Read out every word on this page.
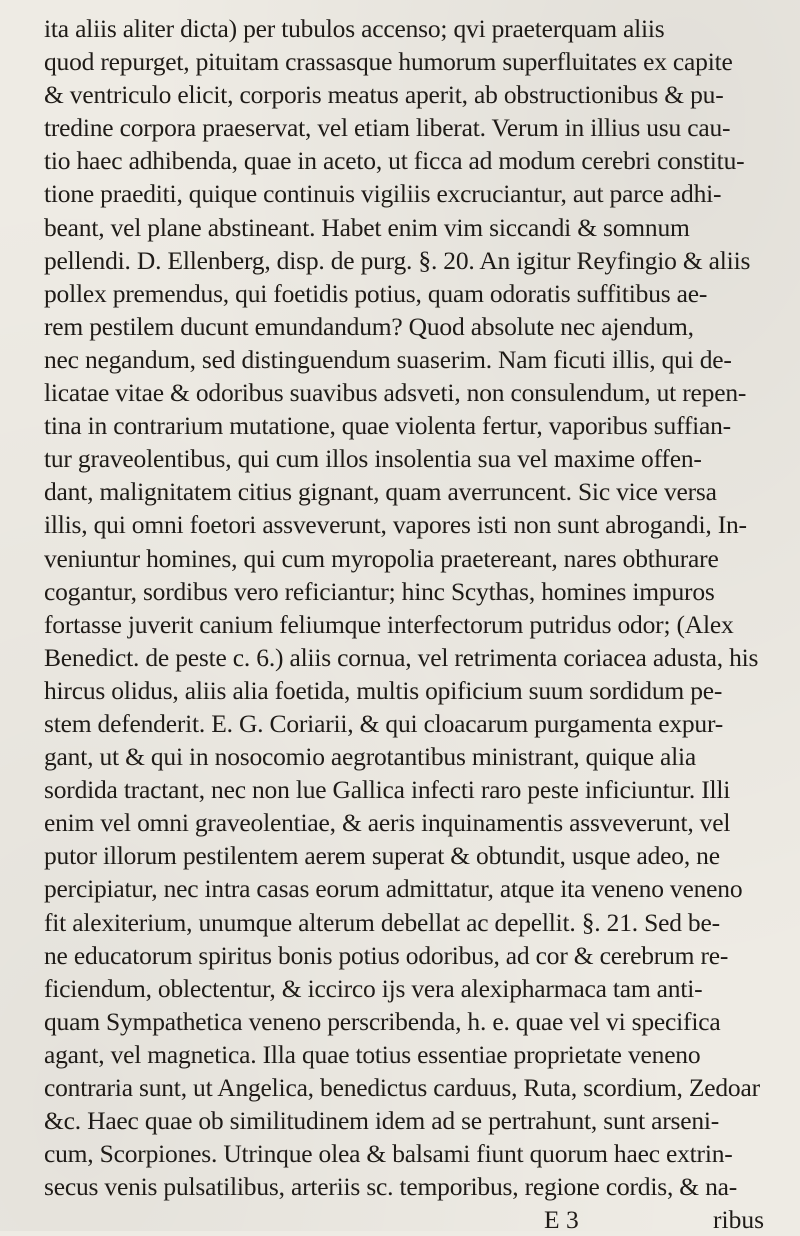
ita aliis aliter dicta) per tubulos accenso; qvi praeterquam aliis
quod repurget, pituitam crassasque humorum superfluitates ex capite
& ventriculo elicit, corporis meatus aperit, ab obstructionibus & pu-
tredine corpora praeservat, vel etiam liberat. Verum in illius usu cau-
tio haec adhibenda, quae in aceto, ut ficca ad modum cerebri constitu-
tione praediti, quique continuis vigiliis excruciantur, aut parce adhi-
beant, vel plane abstineant. Habet enim vim siccandi & somnum
pellendi. D. Ellenberg, disp. de purg. §. 20. An igitur Reyfingio & aliis
pollex premendus, qui foetidis potius, quam odoratis suffitibus ae-
rem pestilem ducunt emundandum? Quod absolute nec ajendum,
nec negandum, sed distinguendum suaserim. Nam ficuti illis, qui de-
licatae vitae & odoribus suavibus adsveti, non consulendum, ut repen-
tina in contrarium mutatione, quae violenta fertur, vaporibus suffian-
tur graveolentibus, qui cum illos insolentia sua vel maxime offen-
dant, malignitatem citius gignant, quam averruncent. Sic vice versa
illis, qui omni foetori assveverunt, vapores isti non sunt abrogandi, In-
veniuntur homines, qui cum myropolia praetereant, nares obthurare
cogantur, sordibus vero reficiantur; hinc Scythas, homines impuros
fortasse juverit canium feliumque interfectorum putridus odor; (Alex
Benedict. de peste c. 6.) aliis cornua, vel retrimenta coriacea adusta, his
hircus olidus, aliis alia foetida, multis opificium suum sordidum pe-
stem defenderit. E. G. Coriarii, & qui cloacarum purgamenta expur-
gant, ut & qui in nosocomio aegrotantibus ministrant, quique alia
sordida tractant, nec non lue Gallica infecti raro peste inficiuntur. Illi
enim vel omni graveolentiae, & aeris inquinamentis assveverunt, vel
putor illorum pestilentem aerem superat & obtundit, usque adeo, ne
percipiatur, nec intra casas eorum admittatur, atque ita veneno veneno
fit alexiterium, unumque alterum debellat ac depellit. §. 21. Sed be-
ne educatorum spiritus bonis potius odoribus, ad cor & cerebrum re-
ficiendum, oblectentur, & iccirco ijs vera alexipharmaca tam anti-
quam Sympathetica veneno perscribenda, h. e. quae vel vi specifica
agant, vel magnetica. Illa quae totius essentiae proprietate veneno
contraria sunt, ut Angelica, benedictus carduus, Ruta, scordium, Zedoar
&c. Haec quae ob similitudinem idem ad se pertrahunt, sunt arseni-
cum, Scorpiones. Utrinque olea & balsami fiunt quorum haec extrin-
secus venis pulsatilibus, arteriis sc. temporibus, regione cordis, & na-
E 3	ribus
